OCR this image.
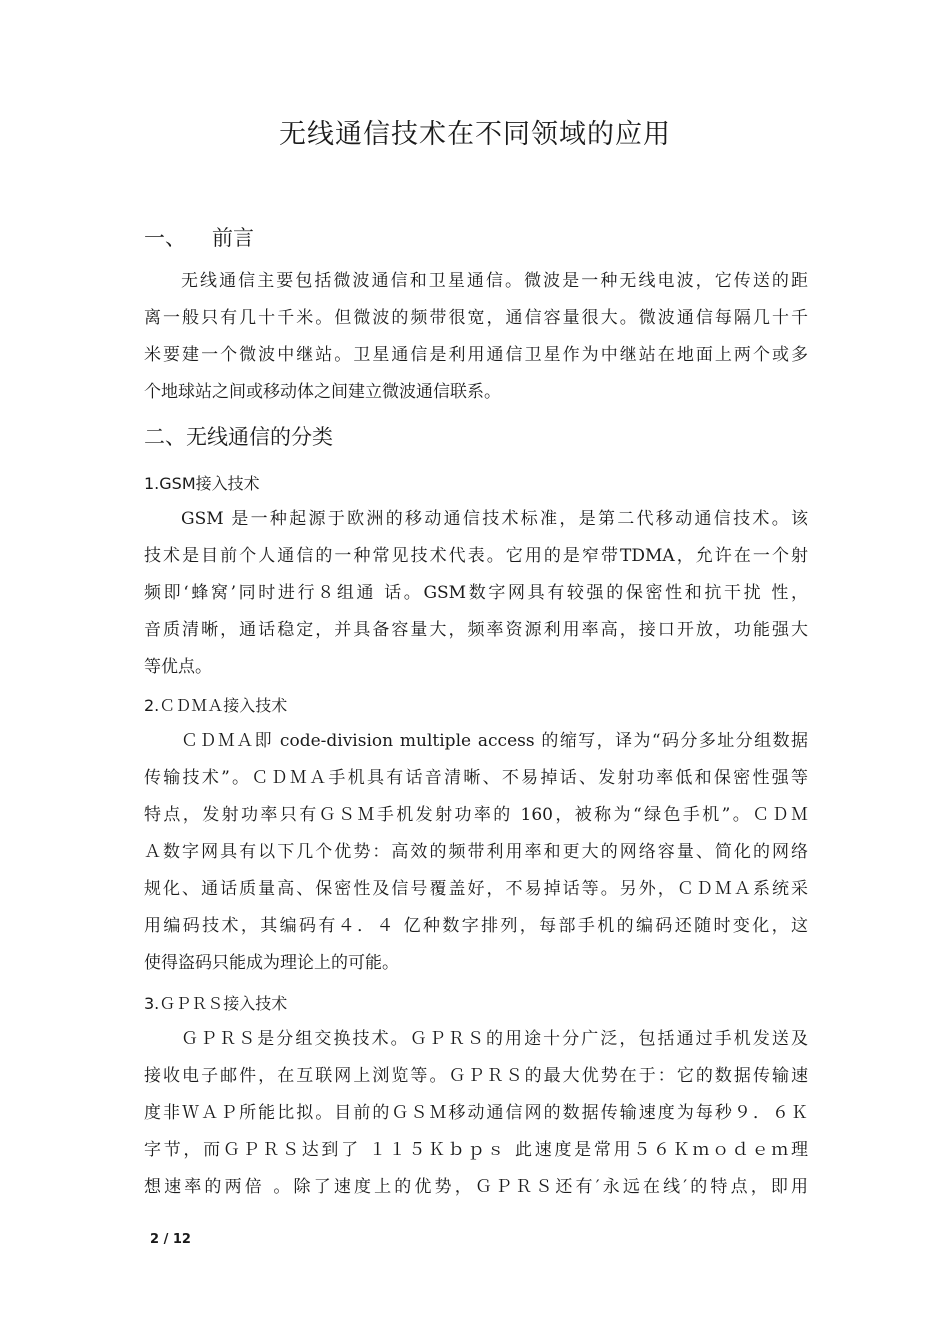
无线通信技术在不同领域的应用
一、 前言
无线通信主要包括微波通信和卫星通信。微波是一种无线电波，它传送的距
离一般只有几十千米。但微波的频带很宽，通信容量很大。微波通信每隔几十千
米要建一个微波中继站。卫星通信是利用通信卫星作为中继站在地面上两个或多
个地球站之间或移动体之间建立微波通信联系。
二、无线通信的分类
1.GSM接入技术
GSM 是一种起源于欧洲的移动通信技术标准，是第二代移动通信技术。该
技术是目前个人通信的一种常见技术代表。它用的是窄带TDMA，允许在一个射
频即‘蜂窝’同时进行８组通 话。GSM数字网具有较强的保密性和抗干扰 性，
音质清晰，通话稳定，并具备容量大，频率资源利用率高，接口开放，功能强大
等优点。
2.ＣＤＭＡ接入技术
ＣＤＭＡ即 code-division multiple access 的缩写，译为“码分多址分组数据
传输技术”。ＣＤＭＡ手机具有话音清晰、不易掉话、发射功率低和保密性强等
特点，发射功率只有ＧＳＭ手机发射功率的 160，被称为“绿色手机”。ＣＤＭ
Ａ数字网具有以下几个优势：高效的频带利用率和更大的网络容量、简化的网络
规化、通话质量高、保密性及信号覆盖好，不易掉话等。另外，ＣＤＭＡ系统采
用编码技术，其编码有４．４ 亿种数字排列，每部手机的编码还随时变化，这
使得盗码只能成为理论上的可能。
3.ＧＰＲＳ接入技术
ＧＰＲＳ是分组交换技术。ＧＰＲＳ的用途十分广泛，包括通过手机发送及
接收电子邮件，在互联网上浏览等。ＧＰＲＳ的最大优势在于：它的数据传输速
度非ＷＡＰ所能比拟。目前的ＧＳＭ移动通信网的数据传输速度为每秒９．６Ｋ
字节，而ＧＰＲＳ达到了 １１５Ｋｂｐｓ 此速度是常用５６Ｋｍｏｄｅｍ理
想速率的两倍 。除了速度上的优势，ＧＰＲＳ还有′永远在线′的特点，即用
2 / 12
